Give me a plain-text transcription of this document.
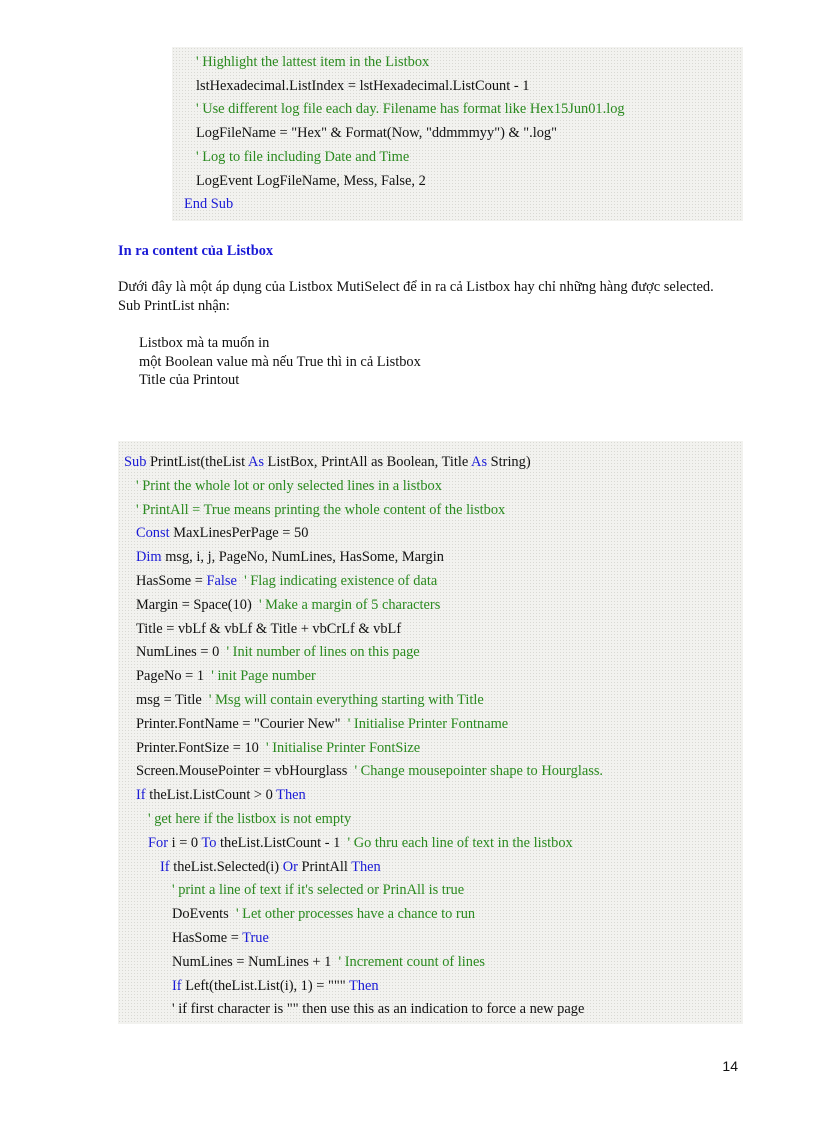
' Highlight the lattest item in the Listbox
lstHexadecimal.ListIndex = lstHexadecimal.ListCount - 1
' Use different log file each day. Filename has format like Hex15Jun01.log
LogFileName = "Hex" & Format(Now, "ddmmmyy") & ".log"
' Log to file including Date and Time
LogEvent LogFileName, Mess, False, 2
End Sub
In ra content của Listbox
Dưới đây là một áp dụng của Listbox MutiSelect để in ra cả Listbox hay chỉ những hàng được selected. Sub PrintList nhận:
Listbox mà ta muốn in
một Boolean value mà nếu True thì in cả Listbox
Title của Printout
Sub PrintList(theList As ListBox, PrintAll as Boolean, Title As String)
' Print the whole lot or only selected lines in a listbox
' PrintAll = True means printing the whole content of the listbox
Const MaxLinesPerPage = 50
Dim msg, i, j, PageNo, NumLines, HasSome, Margin
HasSome = False  ' Flag indicating existence of data
Margin = Space(10)  ' Make a margin of 5 characters
Title = vbLf & vbLf & Title + vbCrLf & vbLf
NumLines = 0  ' Init number of lines on this page
PageNo = 1  ' init Page number
msg = Title  ' Msg will contain everything starting with Title
Printer.FontName = "Courier New"  ' Initialise Printer Fontname
Printer.FontSize = 10  ' Initialise Printer FontSize
Screen.MousePointer = vbHourglass  ' Change mousepointer shape to Hourglass.
If theList.ListCount > 0 Then
' get here if the listbox is not empty
For i = 0 To theList.ListCount - 1  ' Go thru each line of text in the listbox
If theList.Selected(i) Or PrintAll Then
' print a line of text if it's selected or PrinAll is true
DoEvents  ' Let other processes have a chance to run
HasSome = True
NumLines = NumLines + 1  ' Increment count of lines
If Left(theList.List(i), 1) = """ Then
' if first character is "" then use this as an indication to force a new page
14
